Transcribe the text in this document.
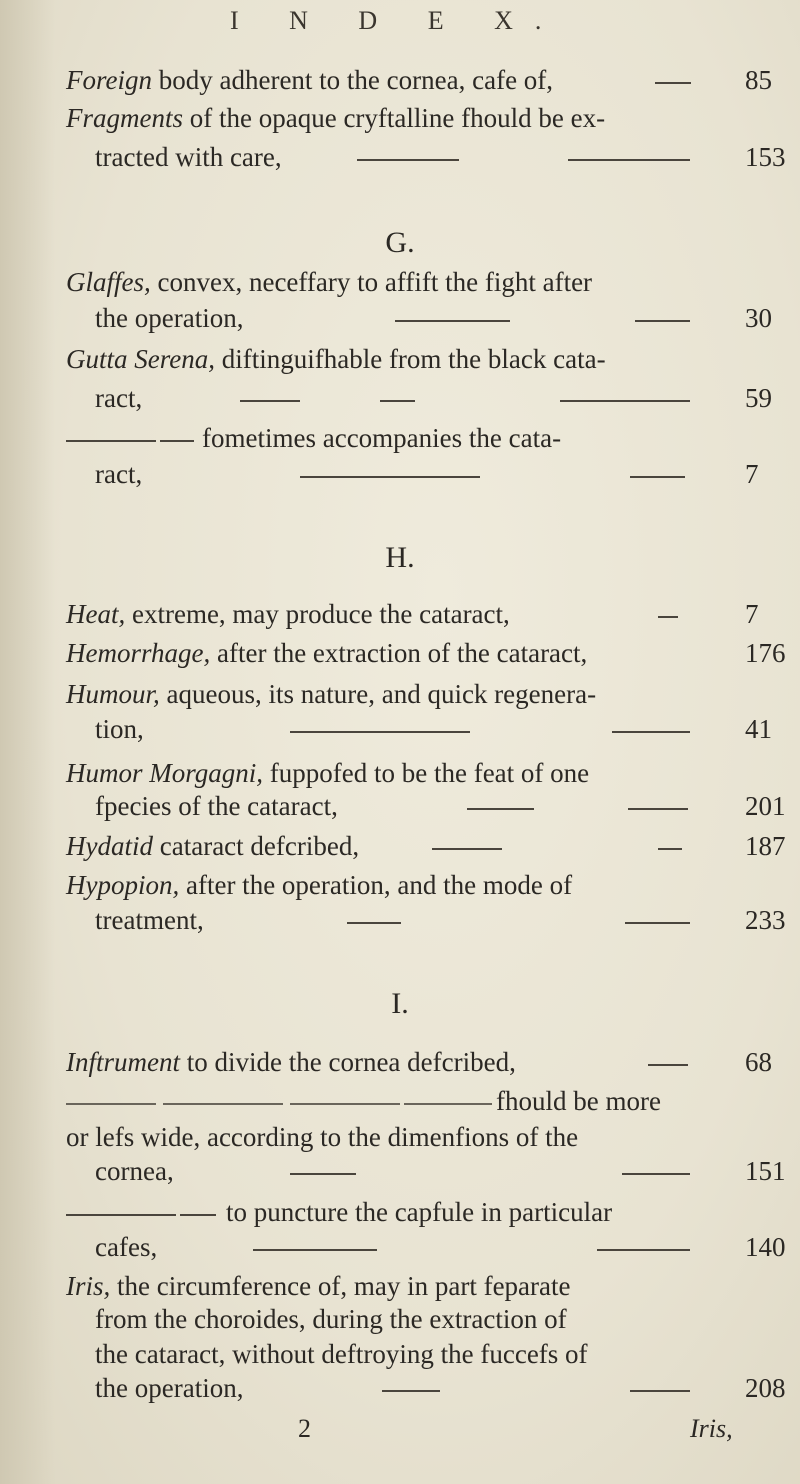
I N D E X.
Foreign body adherent to the cornea, cafe of,	85
Fragments of the opaque cryftalline fhould be ex-
tracted with care,	153
G.
Glaffes, convex, neceffary to affift the fight after
the operation,	30
Gutta Serena, diftinguifhable from the black cata-
ract,	59
fometimes accompanies the cata-
ract,	7
H.
Heat, extreme, may produce the cataract,	7
Hemorrhage, after the extraction of the cataract,	176
Humour, aqueous, its nature, and quick regenera-
tion,	41
Humor Morgagni, fuppofed to be the feat of one
fpecies of the cataract,	201
Hydatid cataract defcribed,	187
Hypopion, after the operation, and the mode of
treatment,	233
I.
Inftrument to divide the cornea defcribed,	68
fhould be more
or lefs wide, according to the dimenfions of the
cornea,	151
to puncture the capfule in particular
cafes,	140
Iris, the circumference of, may in part feparate
from the choroides, during the extraction of
the cataract, without deftroying the fuccefs of
the operation,	208
2	Iris,
